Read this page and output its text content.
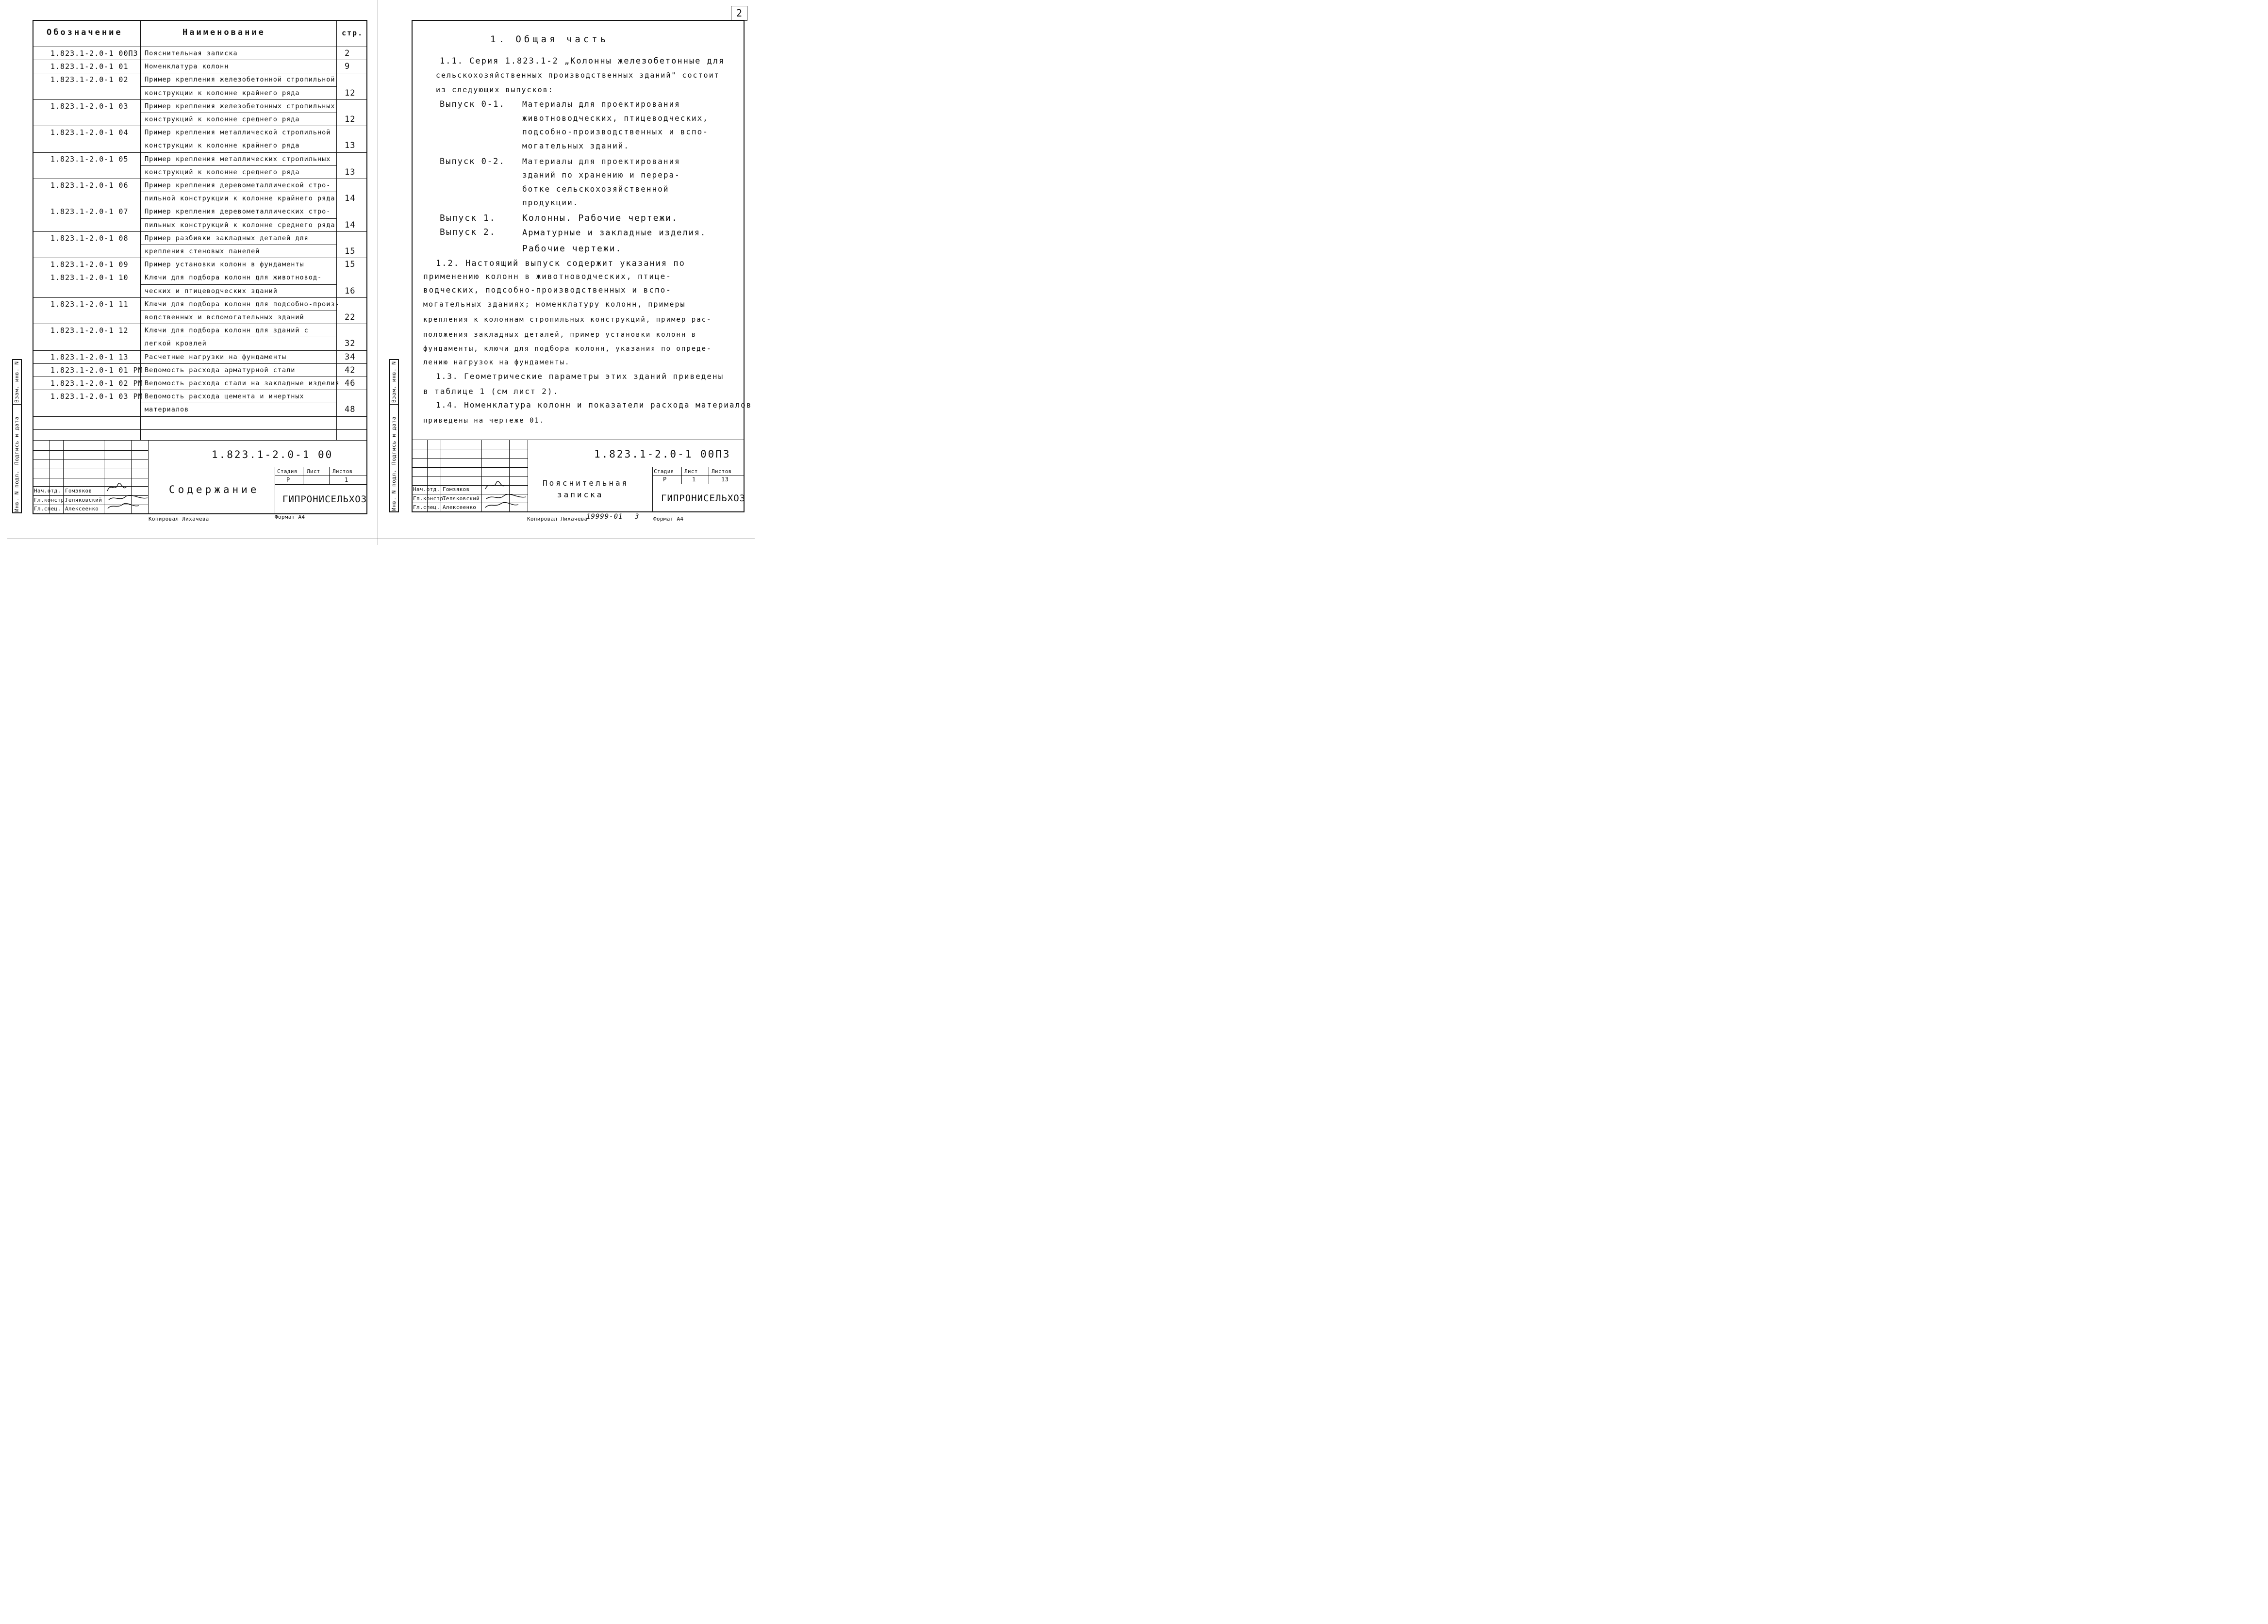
Обозначение	Наименование	стр.
1.823.1-2.0-1 00П3 Пояснительная записка	2
1.823.1-2.0-1 01 Номенклатура колонн	9
1.823.1-2.0-1 02 Пример крепления железобетонной стропильной
конструкции к колонне крайнего ряда	12
1.823.1-2.0-1 03 Пример крепления железобетонных стропильных
конструкций к колонне среднего ряда	12
1.823.1-2.0-1 04 Пример крепления металлической стропильной
конструкции к колонне крайнего ряда	13
1.823.1-2.0-1 05 Пример крепления металлических стропильных
конструкций к колонне среднего ряда	13
1.823.1-2.0-1 06 Пример крепления деревометаллической стро-
пильной конструкции к колонне крайнего ряда 14
1.823.1-2.0-1 07 Пример крепления деревометаллических стро-
пильных конструкций к колонне среднего ряда 14
1.823.1-2.0-1 08 Пример разбивки закладных деталей для
крепления стеновых панелей	15
1.823.1-2.0-1 09 Пример установки колонн в фундаменты	15
1.823.1-2.0-1 10 Ключи для подбора колонн для животновод-
ческих и птицеводческих зданий	16
1.823.1-2.0-1 11 Ключи для подбора колонн для подсобно-произ-
водственных и вспомогательных зданий	22
1.823.1-2.0-1 12 Ключи для подбора колонн для зданий с
легкой кровлей	32
1.823.1-2.0-1 13 Расчетные нагрузки на фундаменты	34
1.823.1-2.0-1 01 РМ Ведомость расхода арматурной стали	42
1.823.1-2.0-1 02 РМ Ведомость расхода стали на закладные изделия 46
1.823.1-2.0-1 03 РМ Ведомость расхода цемента и инертных
материалов	48
Взам. инв. N
Подпись и дата
Инв. N подл.
1.823.1-2.0-1 00
Содержание
Стадия Лист Листов
Р	1
ГИПРОНИСЕЛЬХОЗ
Нач.отд.
Гл.констр.
Гл.спец.
Гомзяков
Теляковский
Алексеенко
Копировал Лихачева	Формат А4
2
1. Общая часть
1.1. Серия 1.823.1-2 „Колонны железобетонные для
сельскохозяйственных производственных зданий" состоит
из следующих выпусков:
Выпуск 0-1. Материалы для проектирования
животноводческих, птицеводческих,
подсобно-производственных и вспо-
могательных зданий.
Выпуск 0-2. Материалы для проектирования
зданий по хранению и перера-
ботке сельскохозяйственной
продукции.
Выпуск 1.	Колонны. Рабочие чертежи.
Выпуск 2.	Арматурные и закладные изделия.
Рабочие чертежи.
1.2. Настоящий выпуск содержит указания по
применению колонн в животноводческих, птице-
водческих, подсобно-производственных и вспо-
могательных зданиях; номенклатуру колонн, примеры
крепления к колоннам стропильных конструкций, пример рас-
положения закладных деталей, пример установки колонн в
фундаменты, ключи для подбора колонн, указания по опреде-
лению нагрузок на фундаменты.
1.3. Геометрические параметры этих зданий приведены
в таблице 1 (см лист 2).
1.4. Номенклатура колонн и показатели расхода материалов
приведены на чертеже 01.
Взам. инв. N
Подпись и дата
Инв. N подл.
1.823.1-2.0-1 00П3
Пояснительная
записка
Стадия Лист	Листов
Р	1	13
ГИПРОНИСЕЛЬХОЗ
Нач.отд.
Гл.констр.
Гл.спец.
Гомзяков
Теляковский
Алексеенко
Копировал Лихачева
19999-01 3	Формат А4
